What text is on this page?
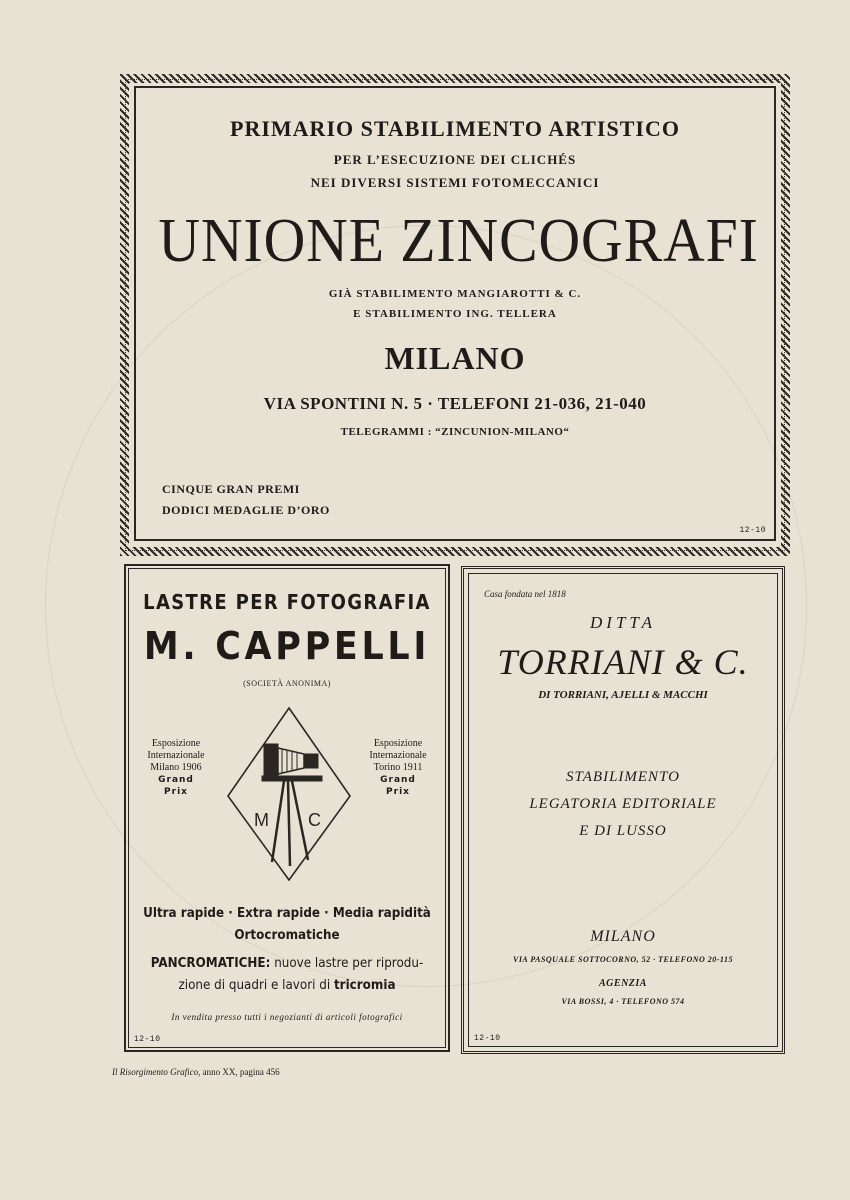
PRIMARIO STABILIMENTO ARTISTICO
PER L’ESECUZIONE DEI CLICHÉS
NEI DIVERSI SISTEMI FOTOMECCANICI
UNIONE ZINCOGRAFI
GIÀ STABILIMENTO MANGIAROTTI & C.
E STABILIMENTO ING. TELLERA
MILANO
VIA SPONTINI N. 5 · TELEFONI 21-036, 21-040
TELEGRAMMI : “ZINCUNION-MILANO“
CINQUE GRAN PREMI
DODICI MEDAGLIE D’ORO
12-10
LASTRE PER FOTOGRAFIA
M. CAPPELLI
(SOCIETÀ ANONIMA)
Esposizione
Internazionale
Milano 1906
Grand
Prix
M C
Esposizione
Internazionale
Torino 1911
Grand
Prix
Ultra rapide · Extra rapide · Media rapidità
Ortocromatiche
PANCROMATICHE: nuove lastre per riprodu-
zione di quadri e lavori di tricromia
In vendita presso tutti i negozianti di articoli fotografici
12-10
Casa fondata nel 1818
DITTA
TORRIANI & C.
DI TORRIANI, AJELLI & MACCHI
STABILIMENTO
LEGATORIA EDITORIALE
E DI LUSSO
MILANO
VIA PASQUALE SOTTOCORNO, 52 · TELEFONO 20-115
AGENZIA
VIA BOSSI, 4 · TELEFONO 574
12-10
Il Risorgimento Grafico, anno XX, pagina 456
